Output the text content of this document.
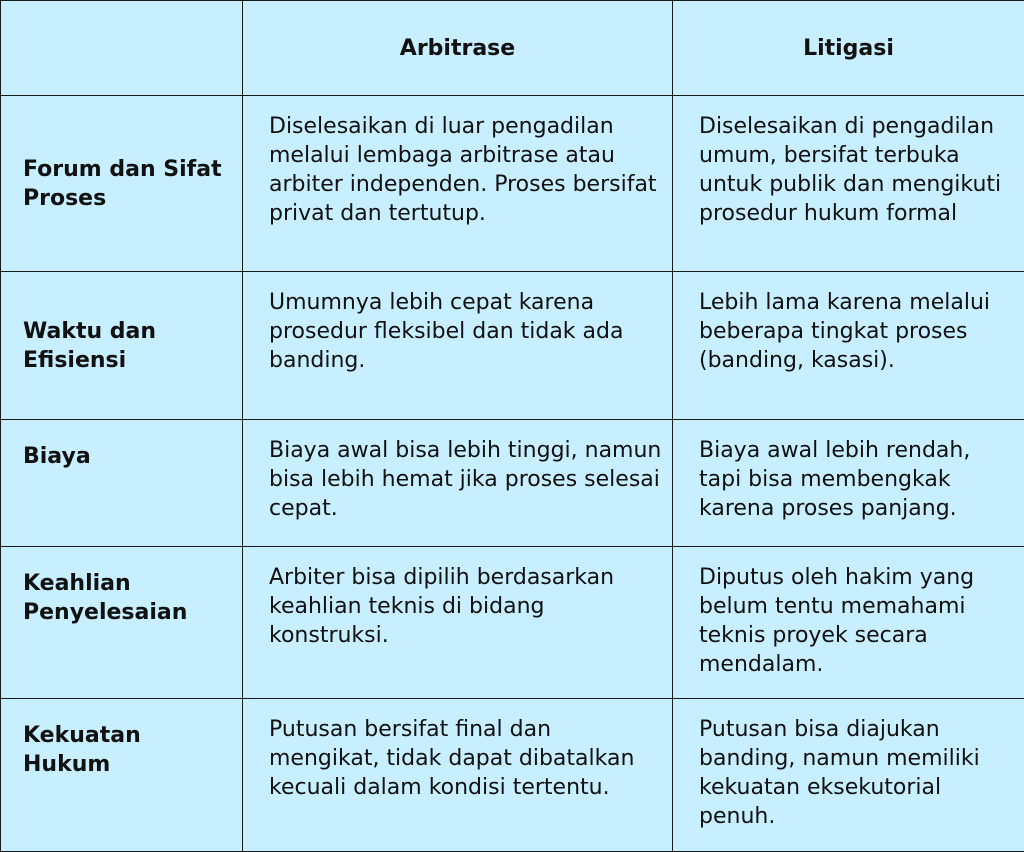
	Arbitrase	Litigasi

Forum dan Sifat Proses	Diselesaikan di luar pengadilan melalui lembaga arbitrase atau arbiter independen. Proses bersifat privat dan tertutup.	Diselesaikan di pengadilan umum, bersifat terbuka untuk publik dan mengikuti prosedur hukum formal

Waktu dan Efisiensi	Umumnya lebih cepat karena prosedur fleksibel dan tidak ada banding.	Lebih lama karena melalui beberapa tingkat proses (banding, kasasi).

Biaya	Biaya awal bisa lebih tinggi, namun bisa lebih hemat jika proses selesai cepat.	Biaya awal lebih rendah, tapi bisa membengkak karena proses panjang.

Keahlian Penyelesaian	Arbiter bisa dipilih berdasarkan keahlian teknis di bidang konstruksi.	Diputus oleh hakim yang belum tentu memahami teknis proyek secara mendalam.

Kekuatan Hukum	Putusan bersifat final dan mengikat, tidak dapat dibatalkan kecuali dalam kondisi tertentu.	Putusan bisa diajukan banding, namun memiliki kekuatan eksekutorial penuh.
